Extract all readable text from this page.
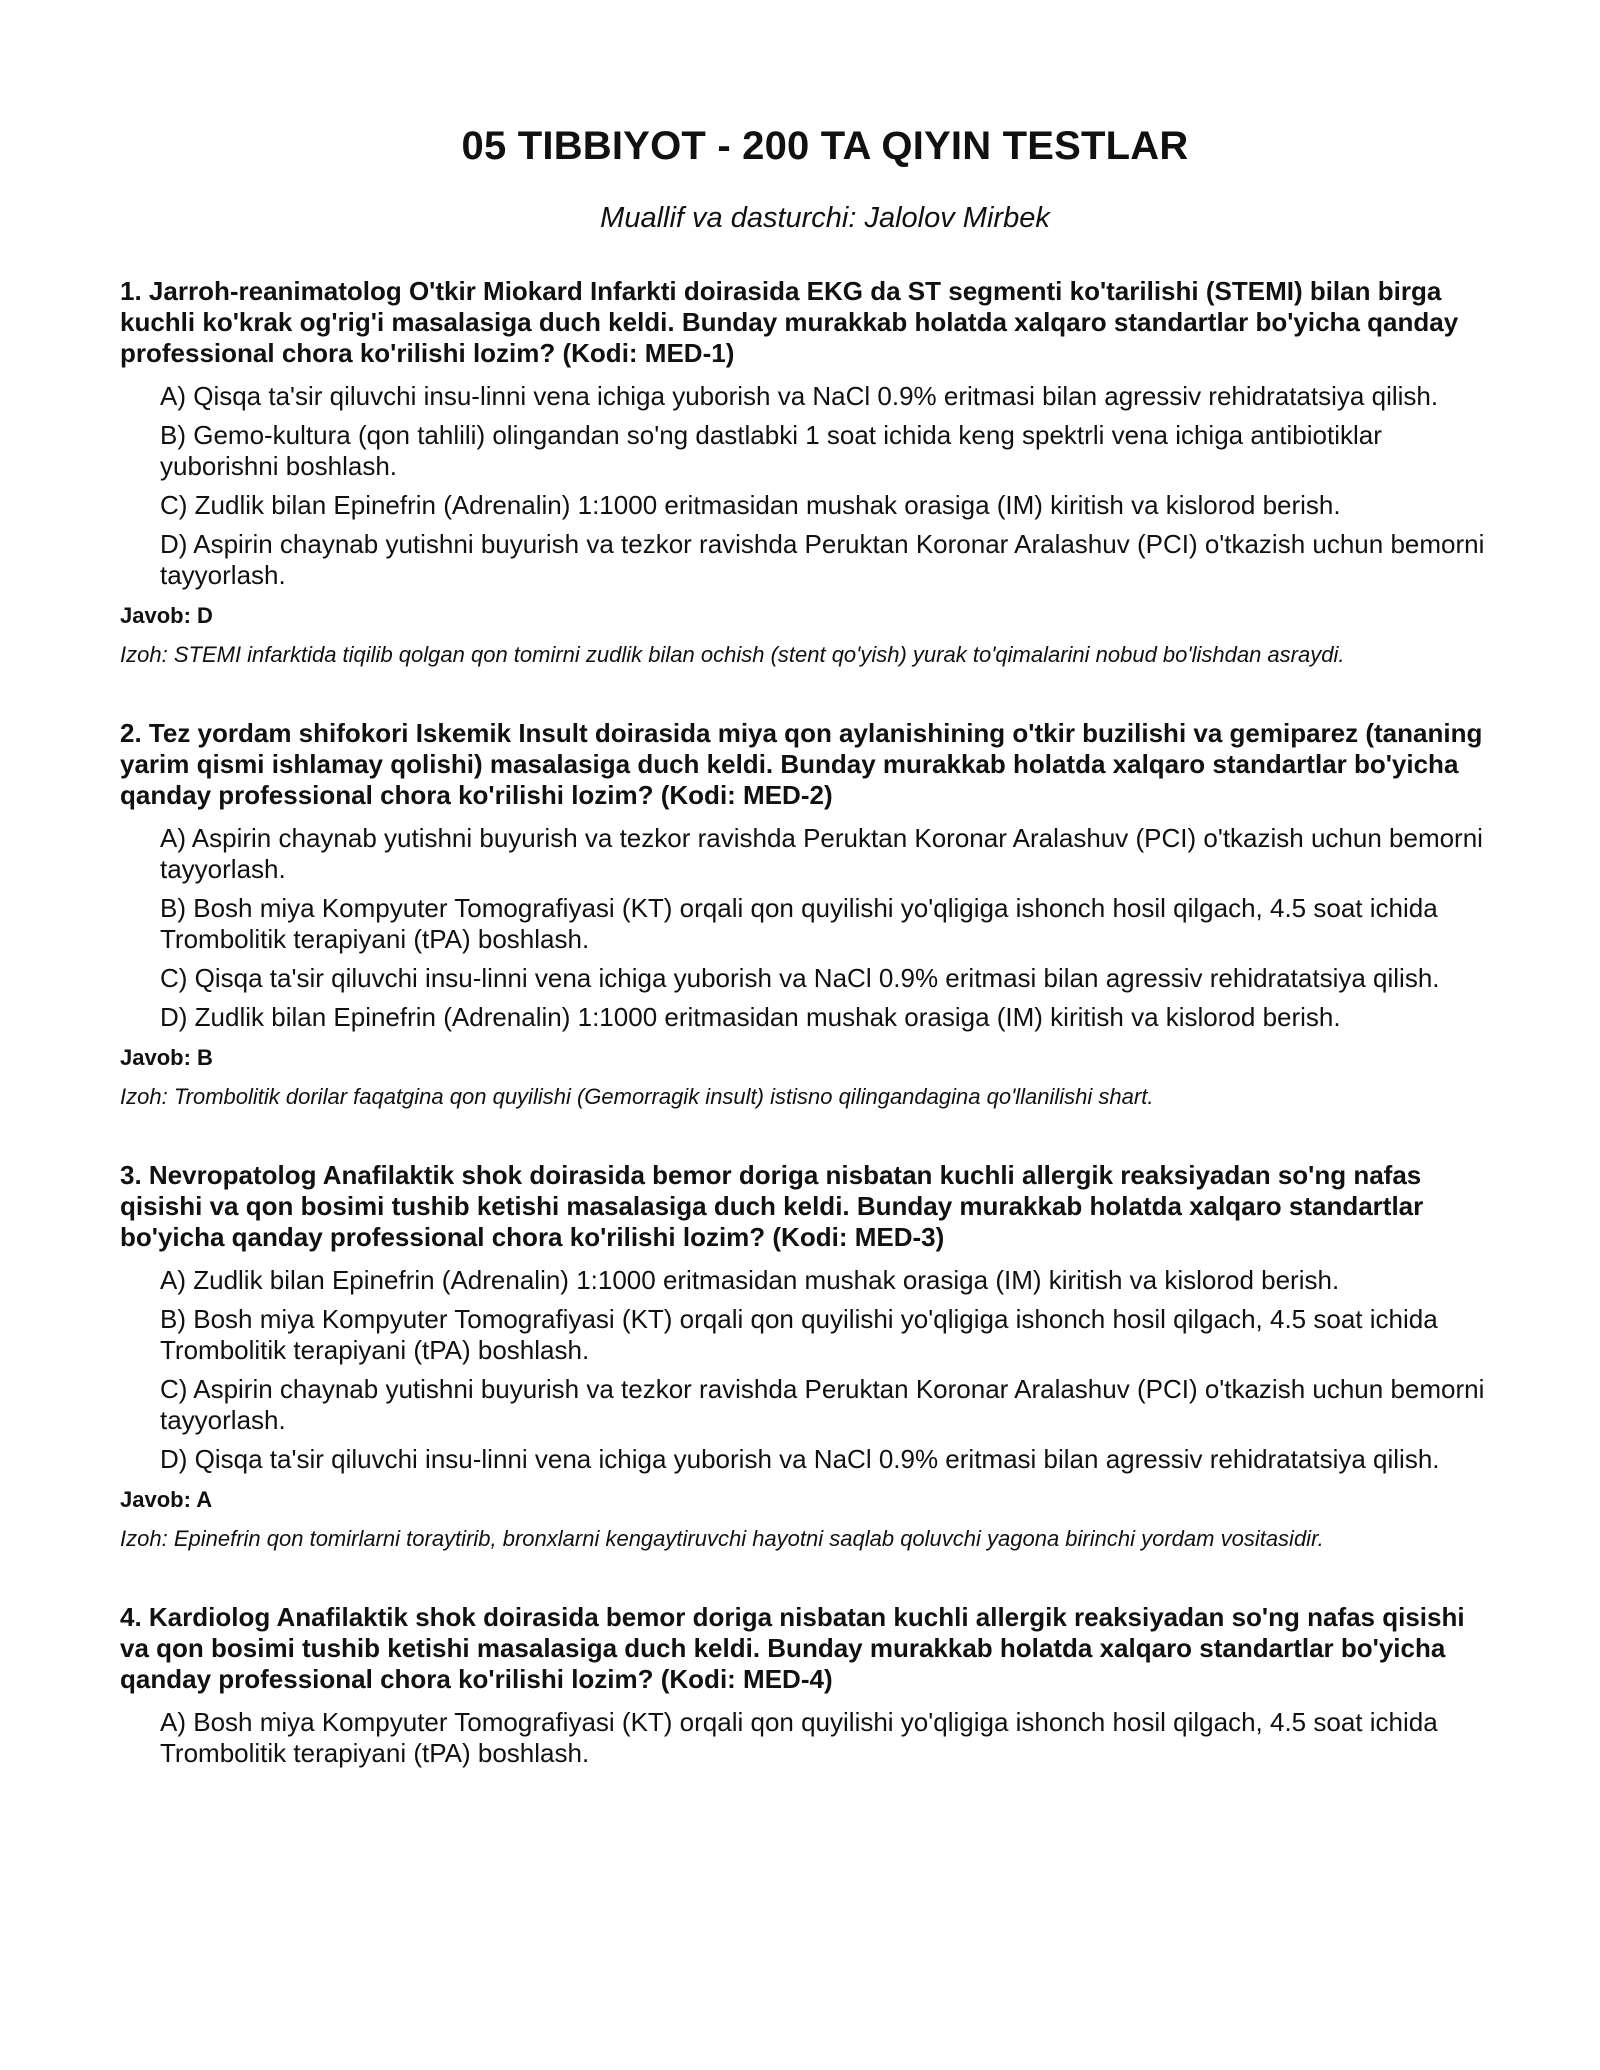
05 TIBBIYOT - 200 TA QIYIN TESTLAR

Muallif va dasturchi: Jalolov Mirbek

1. Jarroh-reanimatolog O'tkir Miokard Infarkti doirasida EKG da ST segmenti ko'tarilishi (STEMI) bilan birga kuchli ko'krak og'rig'i masalasiga duch keldi. Bunday murakkab holatda xalqaro standartlar bo'yicha qanday professional chora ko'rilishi lozim? (Kodi: MED-1)

A) Qisqa ta'sir qiluvchi insu-linni vena ichiga yuborish va NaCl 0.9% eritmasi bilan agressiv rehidratatsiya qilish.
B) Gemo-kultura (qon tahlili) olingandan so'ng dastlabki 1 soat ichida keng spektrli vena ichiga antibiotiklar yuborishni boshlash.
C) Zudlik bilan Epinefrin (Adrenalin) 1:1000 eritmasidan mushak orasiga (IM) kiritish va kislorod berish.
D) Aspirin chaynab yutishni buyurish va tezkor ravishda Peruktan Koronar Aralashuv (PCI) o'tkazish uchun bemorni tayyorlash.

Javob: D

Izoh: STEMI infarktida tiqilib qolgan qon tomirni zudlik bilan ochish (stent qo'yish) yurak to'qimalarini nobud bo'lishdan asraydi.

2. Tez yordam shifokori Iskemik Insult doirasida miya qon aylanishining o'tkir buzilishi va gemiparez (tananing yarim qismi ishlamay qolishi) masalasiga duch keldi. Bunday murakkab holatda xalqaro standartlar bo'yicha qanday professional chora ko'rilishi lozim? (Kodi: MED-2)

A) Aspirin chaynab yutishni buyurish va tezkor ravishda Peruktan Koronar Aralashuv (PCI) o'tkazish uchun bemorni tayyorlash.
B) Bosh miya Kompyuter Tomografiyasi (KT) orqali qon quyilishi yo'qligiga ishonch hosil qilgach, 4.5 soat ichida Trombolitik terapiyani (tPA) boshlash.
C) Qisqa ta'sir qiluvchi insu-linni vena ichiga yuborish va NaCl 0.9% eritmasi bilan agressiv rehidratatsiya qilish.
D) Zudlik bilan Epinefrin (Adrenalin) 1:1000 eritmasidan mushak orasiga (IM) kiritish va kislorod berish.

Javob: B

Izoh: Trombolitik dorilar faqatgina qon quyilishi (Gemorragik insult) istisno qilingandagina qo'llanilishi shart.

3. Nevropatolog Anafilaktik shok doirasida bemor doriga nisbatan kuchli allergik reaksiyadan so'ng nafas qisishi va qon bosimi tushib ketishi masalasiga duch keldi. Bunday murakkab holatda xalqaro standartlar bo'yicha qanday professional chora ko'rilishi lozim? (Kodi: MED-3)

A) Zudlik bilan Epinefrin (Adrenalin) 1:1000 eritmasidan mushak orasiga (IM) kiritish va kislorod berish.
B) Bosh miya Kompyuter Tomografiyasi (KT) orqali qon quyilishi yo'qligiga ishonch hosil qilgach, 4.5 soat ichida Trombolitik terapiyani (tPA) boshlash.
C) Aspirin chaynab yutishni buyurish va tezkor ravishda Peruktan Koronar Aralashuv (PCI) o'tkazish uchun bemorni tayyorlash.
D) Qisqa ta'sir qiluvchi insu-linni vena ichiga yuborish va NaCl 0.9% eritmasi bilan agressiv rehidratatsiya qilish.

Javob: A

Izoh: Epinefrin qon tomirlarni toraytirib, bronxlarni kengaytiruvchi hayotni saqlab qoluvchi yagona birinchi yordam vositasidir.

4. Kardiolog Anafilaktik shok doirasida bemor doriga nisbatan kuchli allergik reaksiyadan so'ng nafas qisishi va qon bosimi tushib ketishi masalasiga duch keldi. Bunday murakkab holatda xalqaro standartlar bo'yicha qanday professional chora ko'rilishi lozim? (Kodi: MED-4)

A) Bosh miya Kompyuter Tomografiyasi (KT) orqali qon quyilishi yo'qligiga ishonch hosil qilgach, 4.5 soat ichida Trombolitik terapiyani (tPA) boshlash.
